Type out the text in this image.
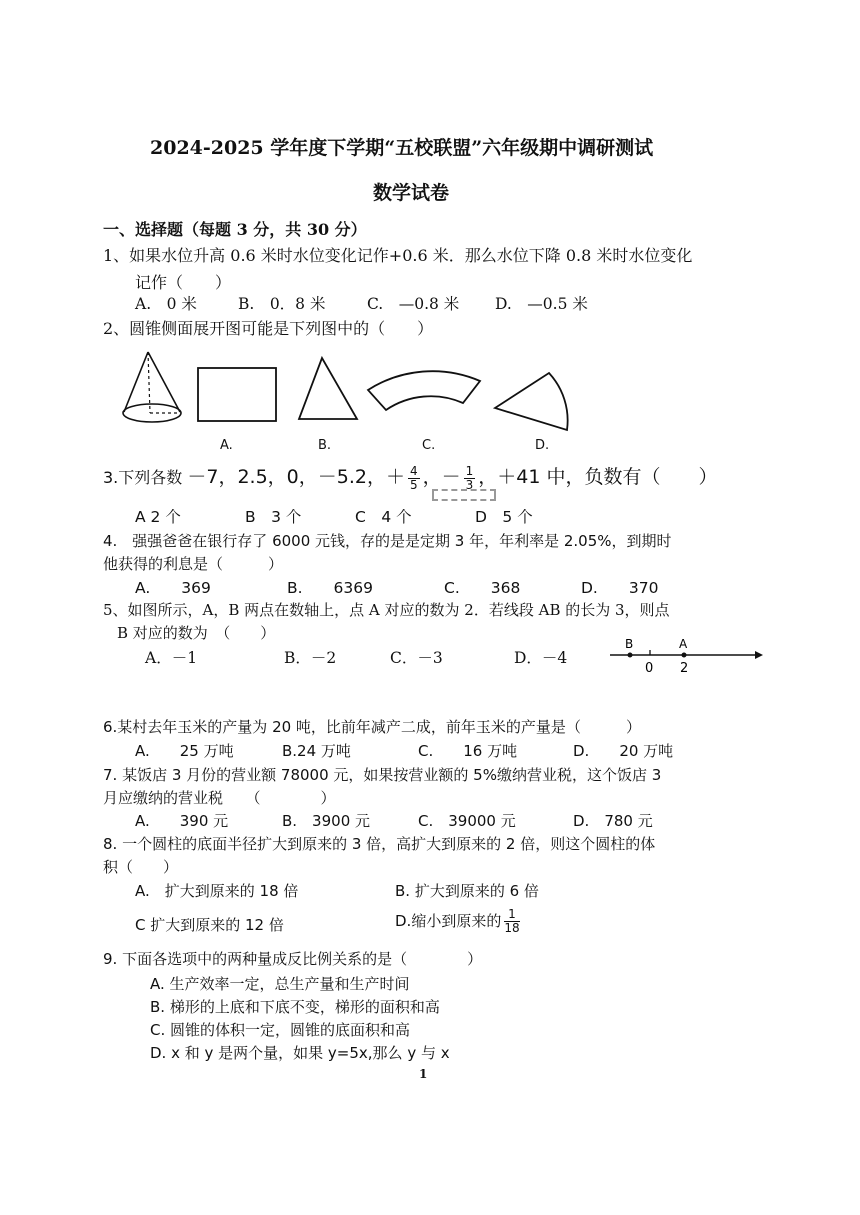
2024-2025 学年度下学期“五校联盟”六年级期中调研测试
数学试卷
一、选择题（每题 3 分，共 30 分）
1、如果水位升高 0.6 米时水位变化记作+0.6 米．那么水位下降 0.8 米时水位变化
记作（　　）
A.　0 米	B.　0．8 米	C.　—0.8 米 D.　—0.5 米
2、圆锥侧面展开图可能是下列图中的（　　）
A.	B.	C.	D.
3.下列各数 －7，2.5，0，－5.2，＋ $\frac{4}{5}$ ，－ $\frac{1}{3}$ ，＋41 中，负数有（　　）
A 2 个	B　3 个	C　4 个	D　5 个
4.　强强爸爸在银行存了 6000 元钱，存的是是定期 3 年，年利率是 2.05%，到期时
他获得的利息是（　　　）
A.　　369	B.　　6369	C.　　368	D.　　370
5、如图所示，A，B 两点在数轴上，点 A 对应的数为 2．若线段 AB 的长为 3，则点
B 对应的数为　（　　）
A．－1	B．－2	C．－3	D．－4
B	A
0 2
6.某村去年玉米的产量为 20 吨，比前年减产二成，前年玉米的产量是（　　　）
A.　　25 万吨	B.24 万吨	C.　　16 万吨	D.　　20 万吨
7. 某饭店 3 月份的营业额 78000 元，如果按营业额的 5%缴纳营业税，这个饭店 3
月应缴纳的营业税　　（　　　　）
A.　　390 元	B.　3900 元	C.　39000 元	D.　780 元
8. 一个圆柱的底面半径扩大到原来的 3 倍，高扩大到原来的 2 倍，则这个圆柱的体
积（　　）
A.　扩大到原来的 18 倍	B. 扩大到原来的 6 倍
C 扩大到原来的 12 倍	D.缩小到原来的 $\frac{1}{18}$
9. 下面各选项中的两种量成反比例关系的是（　　　　）
A. 生产效率一定，总生产量和生产时间
B. 梯形的上底和下底不变，梯形的面积和高
C. 圆锥的体积一定，圆锥的底面积和高
D. x 和 y 是两个量，如果 y=5x,那么 y 与 x
1
